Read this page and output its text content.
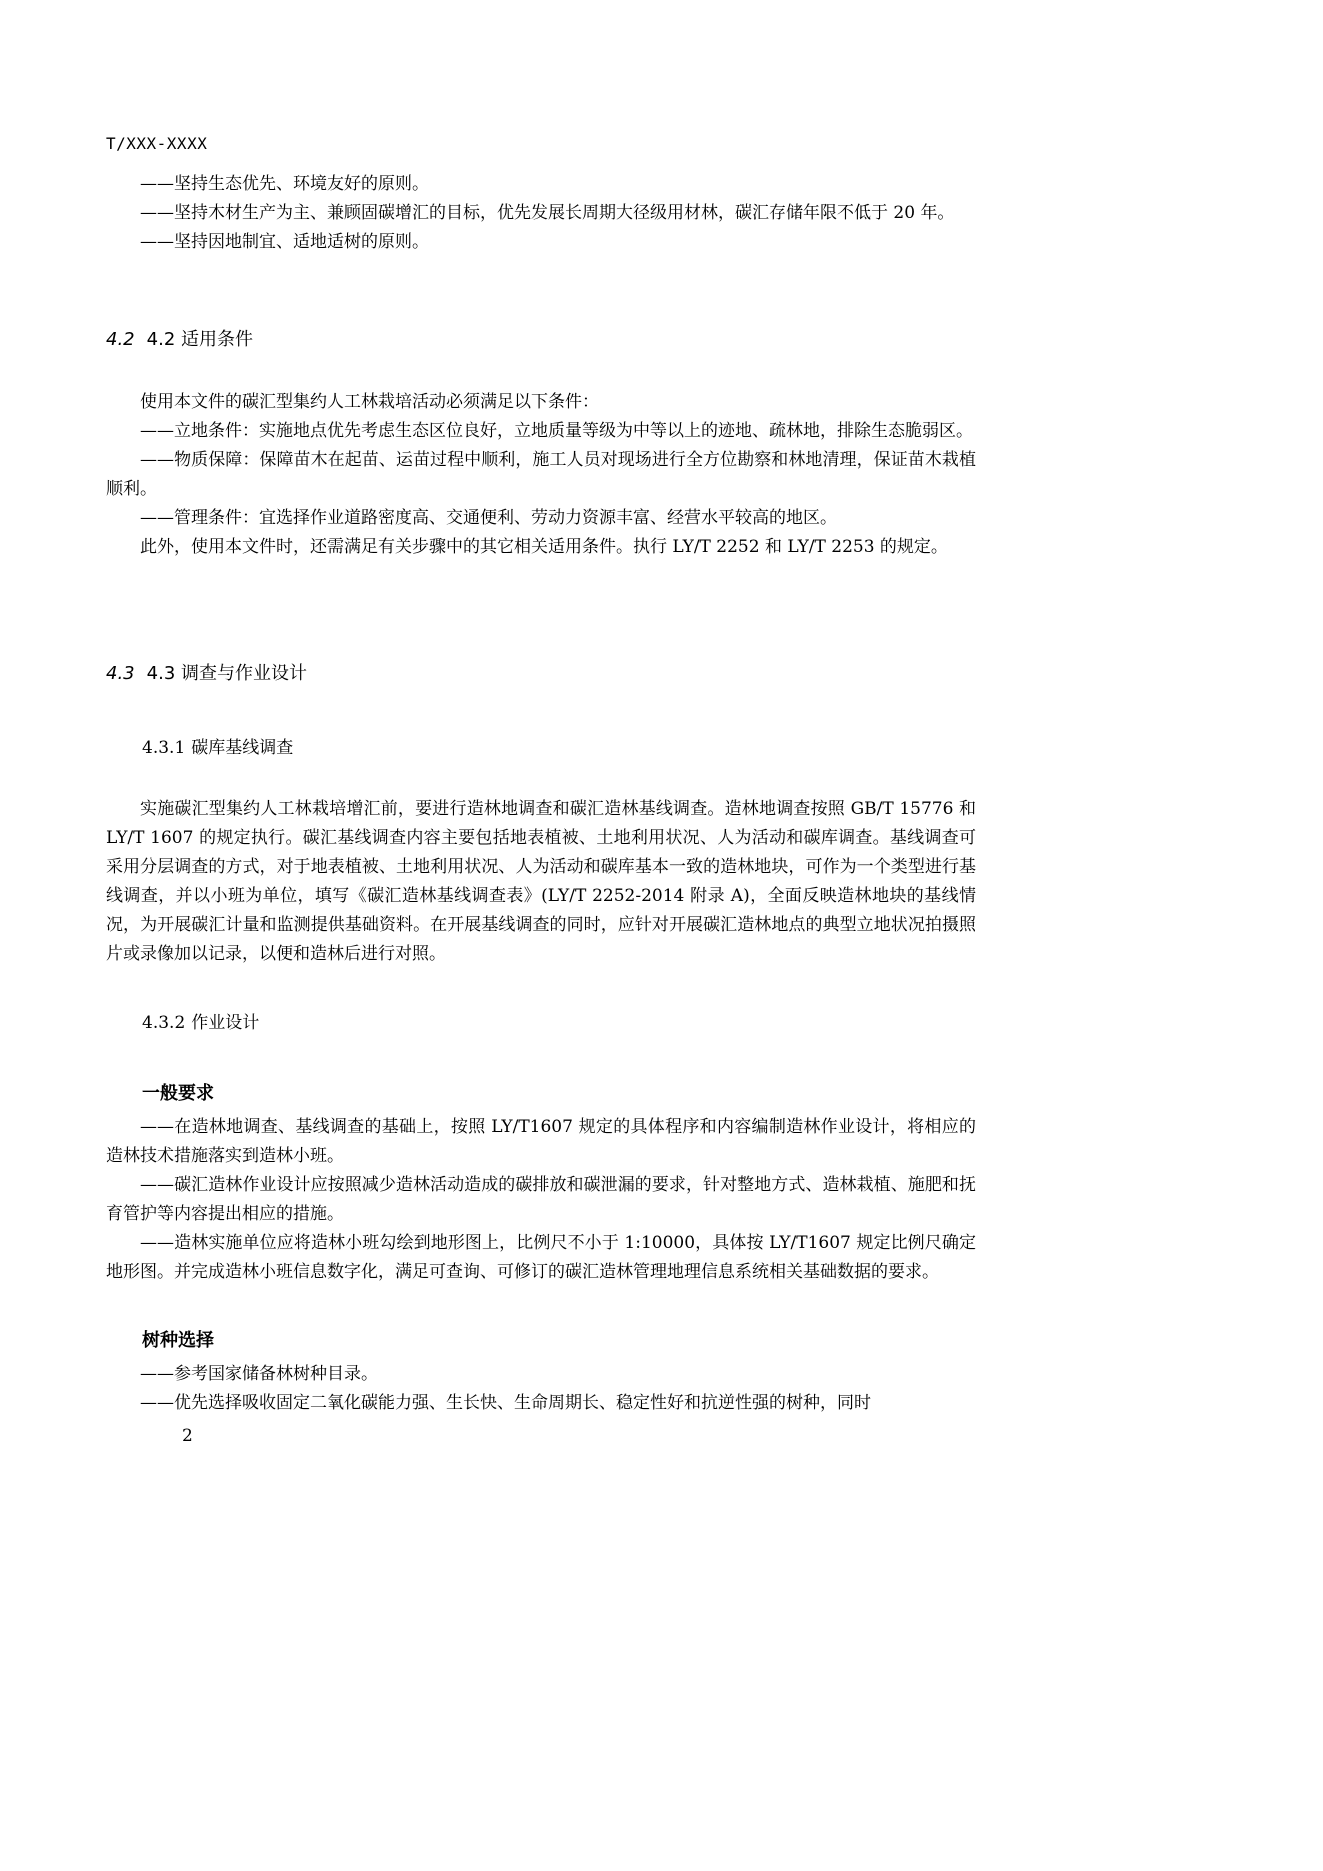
T/XXX-XXXX

——坚持生态优先、环境友好的原则。

——坚持木材生产为主、兼顾固碳增汇的目标，优先发展长周期大径级用材林，碳汇存储年限不低于 20 年。

——坚持因地制宜、适地适树的原则。

4.2 4.2 适用条件

使用本文件的碳汇型集约人工林栽培活动必须满足以下条件：

——立地条件：实施地点优先考虑生态区位良好，立地质量等级为中等以上的迹地、疏林地，排除生态脆弱区。

——物质保障：保障苗木在起苗、运苗过程中顺利，施工人员对现场进行全方位勘察和林地清理，保证苗木栽植顺利。

——管理条件：宜选择作业道路密度高、交通便利、劳动力资源丰富、经营水平较高的地区。

此外，使用本文件时，还需满足有关步骤中的其它相关适用条件。执行 LY/T 2252 和 LY/T 2253 的规定。

4.3 4.3 调查与作业设计
4.3.1 碳库基线调查

实施碳汇型集约人工林栽培增汇前，要进行造林地调查和碳汇造林基线调查。造林地调查按照 GB/T 15776 和 LY/T 1607 的规定执行。碳汇基线调查内容主要包括地表植被、土地利用状况、人为活动和碳库调查。基线调查可采用分层调查的方式，对于地表植被、土地利用状况、人为活动和碳库基本一致的造林地块，可作为一个类型进行基线调查，并以小班为单位，填写《碳汇造林基线调查表》(LY/T 2252-2014 附录 A)，全面反映造林地块的基线情况，为开展碳汇计量和监测提供基础资料。在开展基线调查的同时，应针对开展碳汇造林地点的典型立地状况拍摄照片或录像加以记录，以便和造林后进行对照。

4.3.2 作业设计
一般要求

——在造林地调查、基线调查的基础上，按照 LY/T1607 规定的具体程序和内容编制造林作业设计，将相应的造林技术措施落实到造林小班。

——碳汇造林作业设计应按照减少造林活动造成的碳排放和碳泄漏的要求，针对整地方式、造林栽植、施肥和抚育管护等内容提出相应的措施。

——造林实施单位应将造林小班勾绘到地形图上，比例尺不小于 1:10000，具体按 LY/T1607 规定比例尺确定地形图。并完成造林小班信息数字化，满足可查询、可修订的碳汇造林管理地理信息系统相关基础数据的要求。

树种选择

——参考国家储备林树种目录。

——优先选择吸收固定二氧化碳能力强、生长快、生命周期长、稳定性好和抗逆性强的树种，同时

2
